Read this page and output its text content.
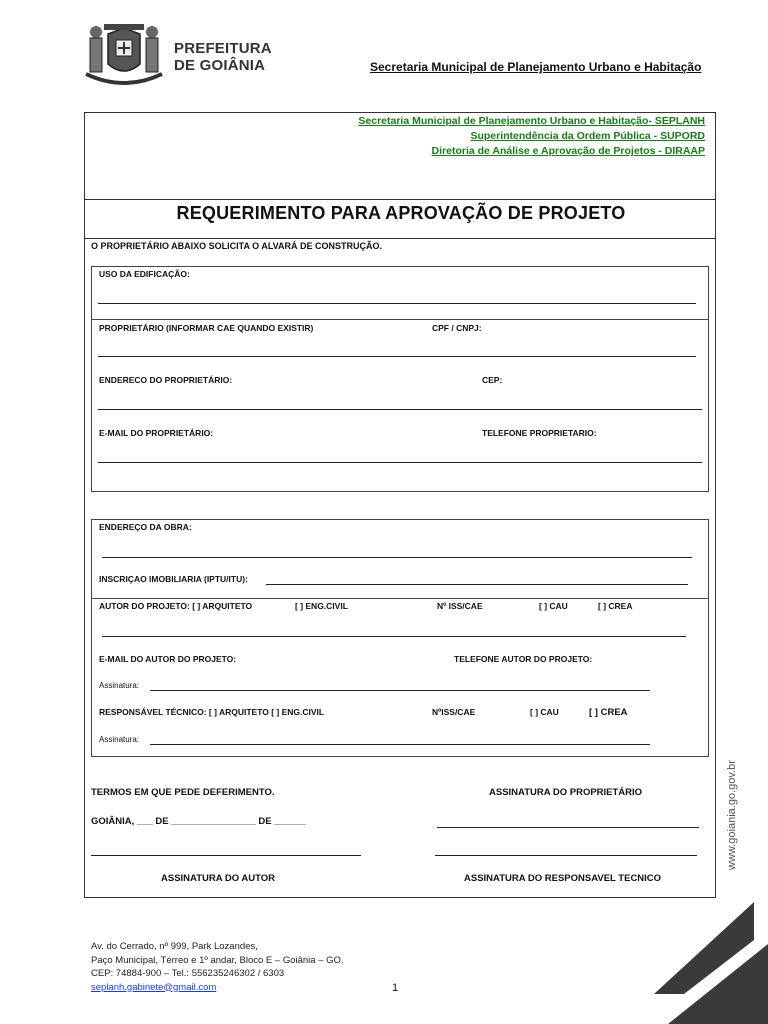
PREFEITURA
DE GOIÂNIA	Secretaria Municipal de Planejamento Urbano e Habitação
Secretaria Municipal de Planejamento Urbano e Habitação- SEPLANH
Superintendência da Ordem Pública - SUPORD
Diretoria de Análise e Aprovação de Projetos - DIRAAP
REQUERIMENTO PARA APROVAÇÃO DE PROJETO
O PROPRIETÁRIO ABAIXO SOLICITA O ALVARÁ DE CONSTRUÇÃO.
USO DA EDIFICAÇÃO:
PROPRIETÁRIO (INFORMAR CAE QUANDO EXISTIR)	CPF / CNPJ:
ENDERECO DO PROPRIETÁRIO:	CEP:
E-MAIL DO PROPRIETÁRIO:	TELEFONE PROPRIETARIO:
ENDEREÇO DA OBRA:
INSCRIÇAO IMOBILIARIA (IPTU/ITU):
AUTOR DO PROJETO: [ ] ARQUITETO	[ ] ENG.CIVIL	Nº ISS/CAE	[ ] CAU	[ ] CREA
E-MAIL DO AUTOR DO PROJETO:	TELEFONE AUTOR DO PROJETO:
Assinatura:
RESPONSÁVEL TÉCNICO: [ ] ARQUITETO [ ] ENG.CIVIL	NºISS/CAE	[ ] CAU	[ ] CREA
Assinatura:
TERMOS EM QUE PEDE DEFERIMENTO.	ASSINATURA DO PROPRIETÁRIO
GOIÂNIA, ___ DE ________________ DE ______
ASSINATURA DO AUTOR	ASSINATURA DO RESPONSAVEL TECNICO
www.goiania.go.gov.br
Av. do Cerrado, nº 999, Park Lozandes,
Paço Municipal, Térreo e 1º andar, Bloco E – Goiânia – GO.
CEP: 74884-900 – Tel.: 556235246302 / 6303
seplanh.gabinete@gmail.com	1
